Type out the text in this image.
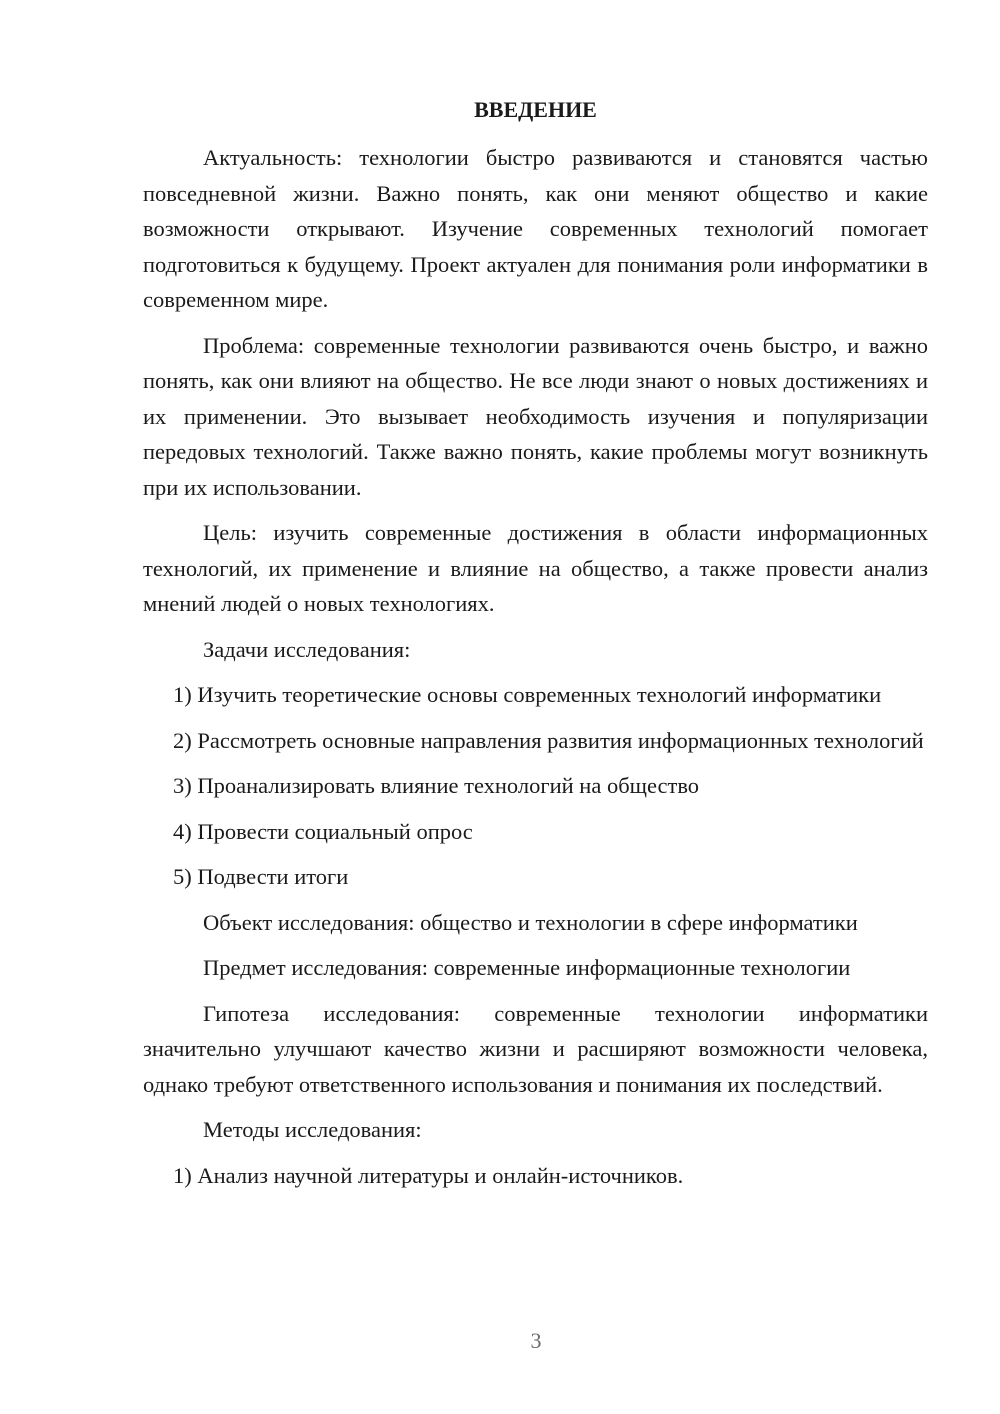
ВВЕДЕНИЕ

Актуальность: технологии быстро развиваются и становятся частью повседневной жизни. Важно понять, как они меняют общество и какие возможности открывают. Изучение современных технологий помогает подготовиться к будущему. Проект актуален для понимания роли информатики в современном мире.

Проблема: современные технологии развиваются очень быстро, и важно понять, как они влияют на общество. Не все люди знают о новых достижениях и их применении. Это вызывает необходимость изучения и популяризации передовых технологий. Также важно понять, какие проблемы могут возникнуть при их использовании.

Цель: изучить современные достижения в области информационных технологий, их применение и влияние на общество, а также провести анализ мнений людей о новых технологиях.

Задачи исследования:

1) Изучить теоретические основы современных технологий информатики

2) Рассмотреть основные направления развития информационных технологий

3) Проанализировать влияние технологий на общество

4) Провести социальный опрос

5) Подвести итоги

Объект исследования: общество и технологии в сфере информатики

Предмет исследования: современные информационные технологии

Гипотеза исследования: современные технологии информатики значительно улучшают качество жизни и расширяют возможности человека, однако требуют ответственного использования и понимания их последствий.

Методы исследования:

1) Анализ научной литературы и онлайн-источников.

3
